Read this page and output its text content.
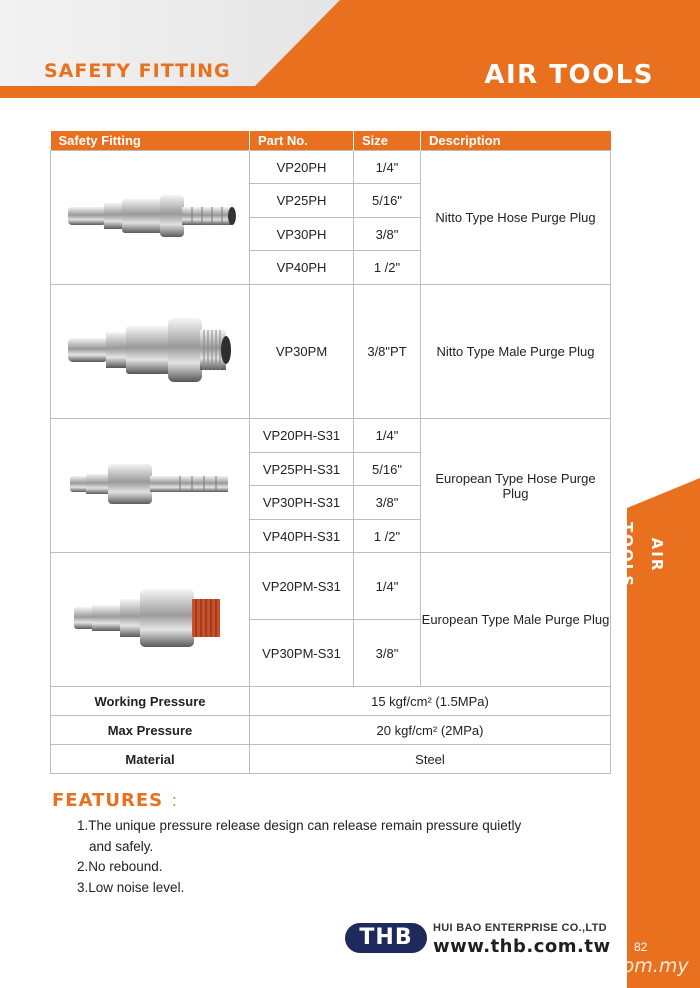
SAFETY FITTING	AIR TOOLS
AIR TOOLS
82
Safety Fitting	Part No.	Size	Description
	VP20PH	1/4"	Nitto Type Hose Purge Plug
	VP25PH	5/16"	
	VP30PH	3/8"	
	VP40PH	1 /2"	
	VP30PM	3/8"PT	Nitto Type Male Purge Plug
	VP20PH-S31	1/4"	European Type Hose Purge Plug
	VP25PH-S31	5/16"	
	VP30PH-S31	3/8"	
	VP40PH-S31	1 /2"	
	VP20PM-S31	1/4"	European Type Male Purge Plug
	VP30PM-S31	3/8"	
Working Pressure	15 kgf/cm² (1.5MPa)		
Max Pressure	20 kgf/cm² (2MPa)		
Material	Steel		
FEATURES :
1.The unique pressure release design can release remain pressure quietly
and safely.
2.No rebound.
3.Low noise level.
THB	HUI BAO ENTERPRISE CO.,LTD
www.thb.com.tw
infotoday.com.my
